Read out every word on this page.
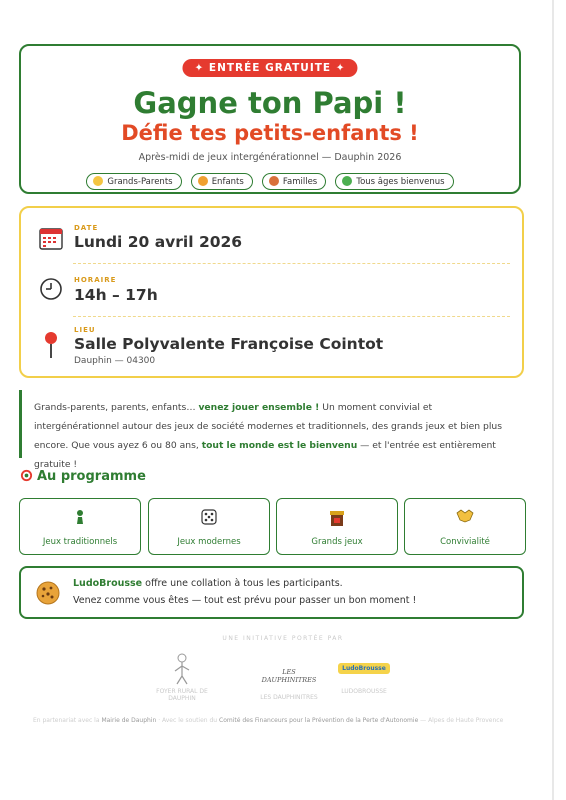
✦ ENTRÉE GRATUITE ✦
Gagne ton Papi !
Défie tes petits-enfants !
Après-midi de jeux intergénérationnel — Dauphin 2026
Grands-Parents	Enfants	Familles	Tous âges bienvenus
DATE
Lundi 20 avril 2026
HORAIRE
14h – 17h
LIEU
Salle Polyvalente Françoise Cointot
Dauphin — 04300
Grands-parents, parents, enfants… venez jouer ensemble ! Un moment convivial et intergénérationnel autour des jeux de société modernes et traditionnels, des grands jeux et bien plus encore. Que vous ayez 6 ou 80 ans, tout le monde est le bienvenu — et l'entrée est entièrement gratuite !
Au programme
Jeux traditionnels	Jeux modernes	Grands jeux	Convivialité
LudoBrousse offre une collation à tous les participants.
Venez comme vous êtes — tout est prévu pour passer un bon moment !
UNE INITIATIVE PORTÉE PAR
FOYER RURAL DE DAUPHIN
LES DAUPHINITRES
LES DAUPHINITRES
LudoBrousse
LUDOBROUSSE
En partenariat avec la Mairie de Dauphin · Avec le soutien du Comité des Financeurs pour la Prévention de la Perte d'Autonomie — Alpes de Haute Provence
